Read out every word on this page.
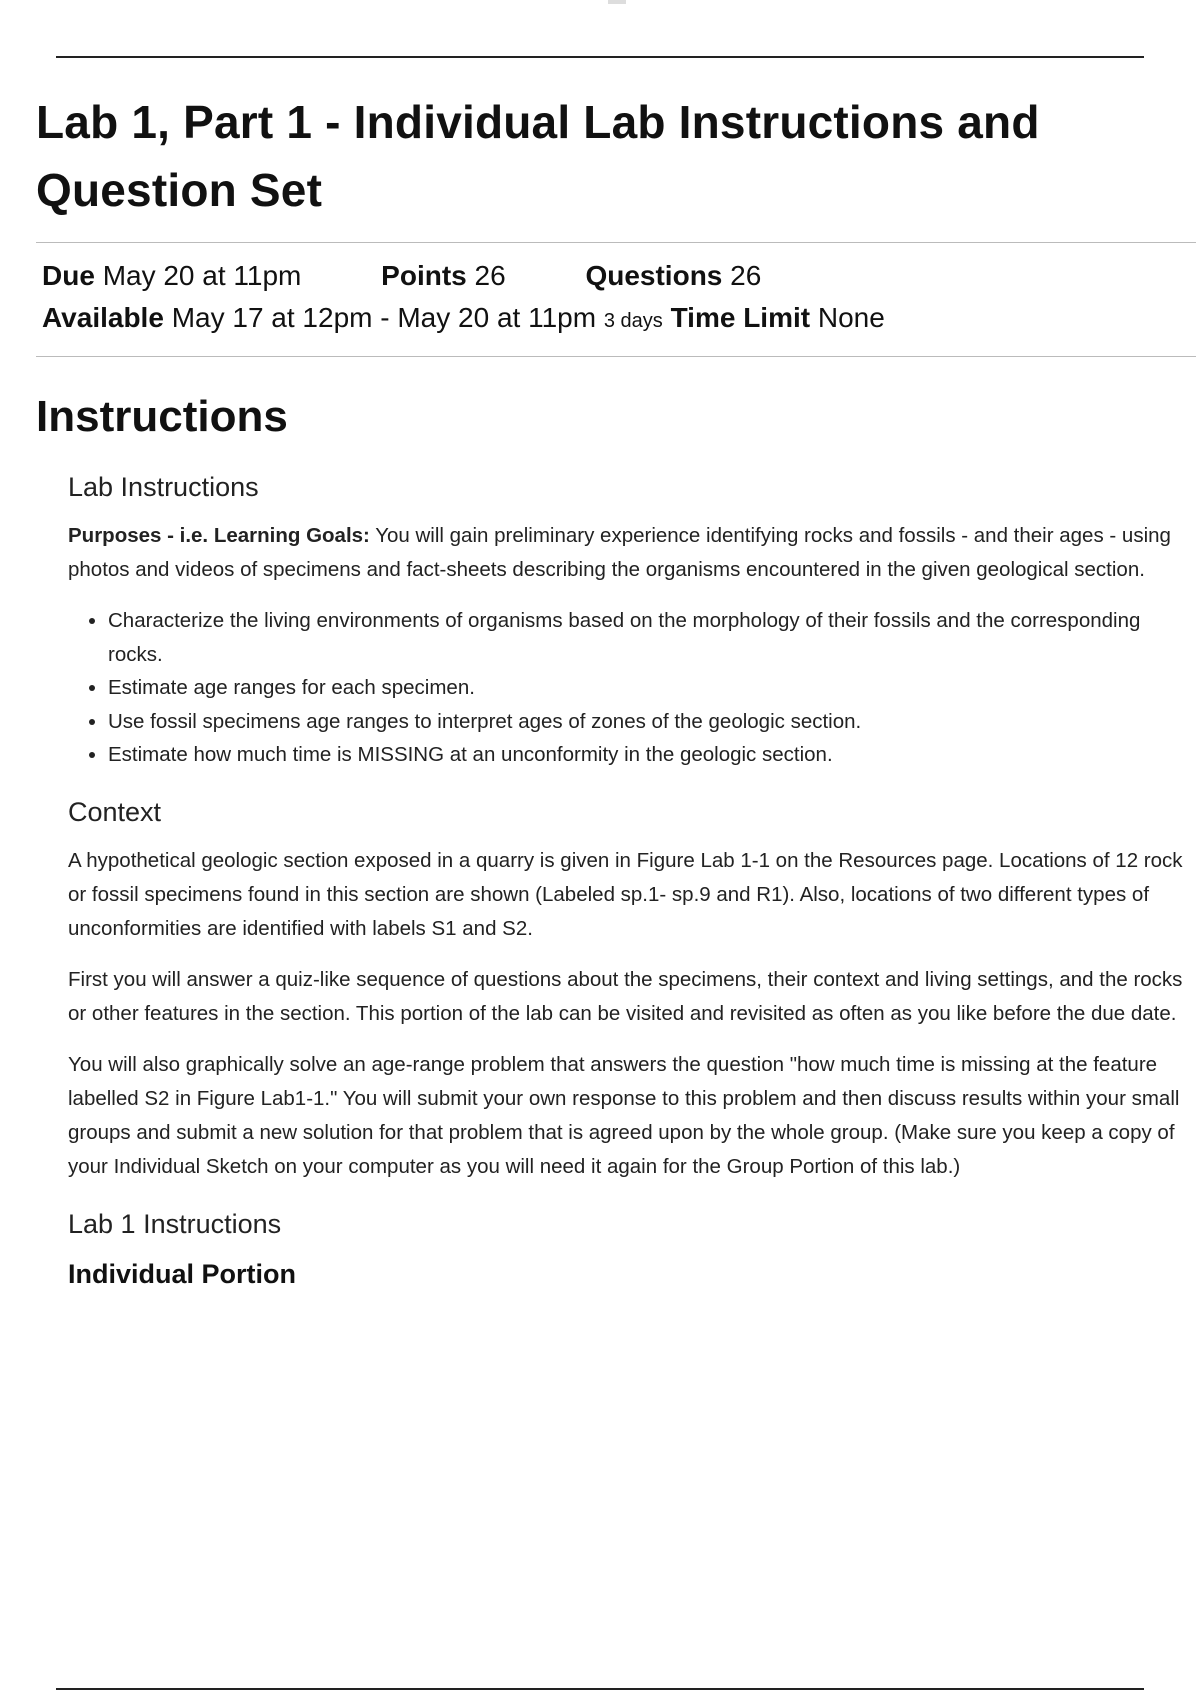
Lab 1, Part 1 - Individual Lab Instructions and Question Set
Due May 20 at 11pm	Points 26	Questions 26
Available May 17 at 12pm - May 20 at 11pm 3 days Time Limit None
Instructions
Lab Instructions

Purposes - i.e. Learning Goals: You will gain preliminary experience identifying rocks and fossils - and their ages - using photos and videos of specimens and fact-sheets describing the organisms encountered in the given geological section.

• Characterize the living environments of organisms based on the morphology of their fossils and the corresponding rocks.
• Estimate age ranges for each specimen.
• Use fossil specimens age ranges to interpret ages of zones of the geologic section.
• Estimate how much time is MISSING at an unconformity in the geologic section.
Context

A hypothetical geologic section exposed in a quarry is given in Figure Lab 1-1 on the Resources page. Locations of 12 rock or fossil specimens found in this section are shown (Labeled sp.1- sp.9 and R1). Also, locations of two different types of unconformities are identified with labels S1 and S2.

First you will answer a quiz-like sequence of questions about the specimens, their context and living settings, and the rocks or other features in the section. This portion of the lab can be visited and revisited as often as you like before the due date.

You will also graphically solve an age-range problem that answers the question "how much time is missing at the feature labelled S2 in Figure Lab1-1." You will submit your own response to this problem and then discuss results within your small groups and submit a new solution for that problem that is agreed upon by the whole group. (Make sure you keep a copy of your Individual Sketch on your computer as you will need it again for the Group Portion of this lab.)

Lab 1 Instructions
Individual Portion
